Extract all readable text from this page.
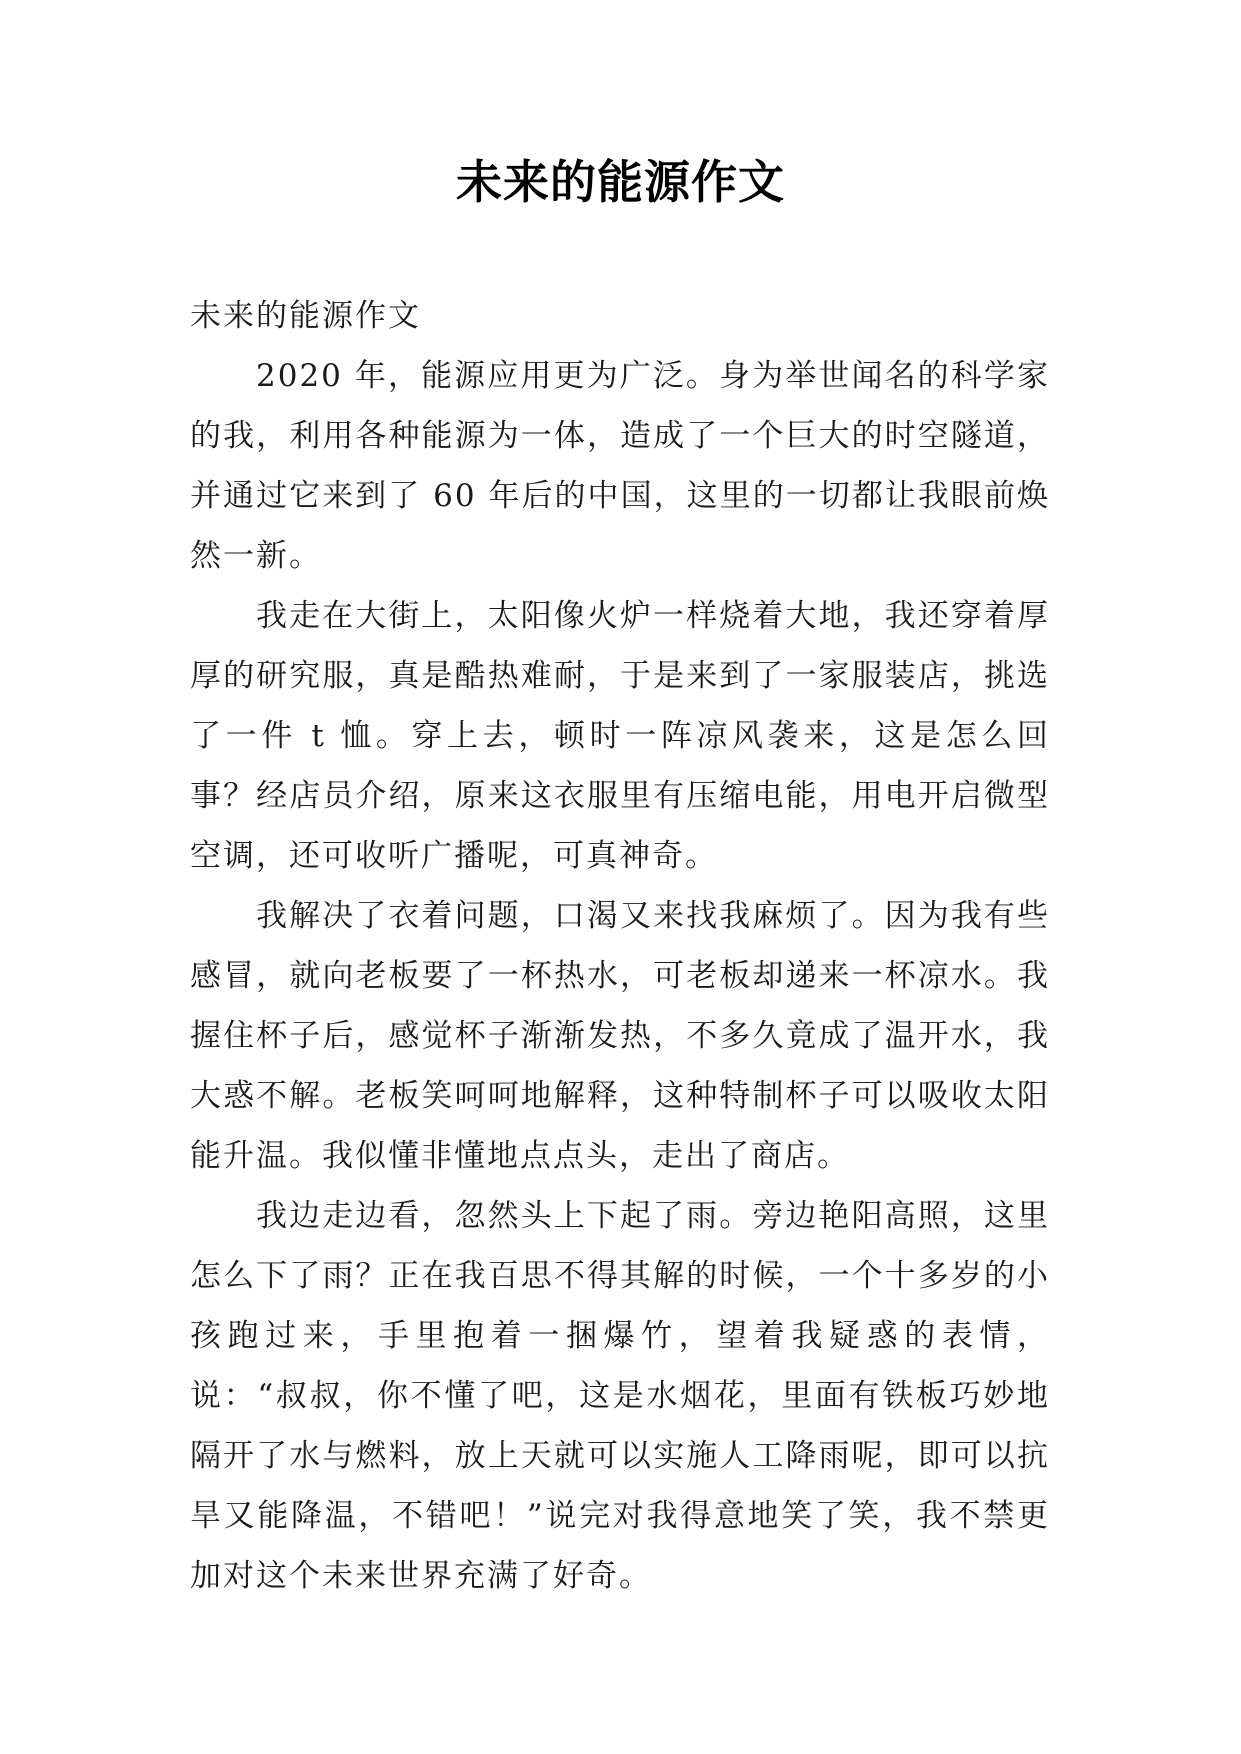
未来的能源作文

未来的能源作文

2020 年，能源应用更为广泛。身为举世闻名的科学家的我，利用各种能源为一体，造成了一个巨大的时空隧道，并通过它来到了 60 年后的中国，这里的一切都让我眼前焕然一新。

我走在大街上，太阳像火炉一样烧着大地，我还穿着厚厚的研究服，真是酷热难耐，于是来到了一家服装店，挑选了一件 t 恤。穿上去，顿时一阵凉风袭来，这是怎么回事？经店员介绍，原来这衣服里有压缩电能，用电开启微型空调，还可收听广播呢，可真神奇。

我解决了衣着问题，口渴又来找我麻烦了。因为我有些感冒，就向老板要了一杯热水，可老板却递来一杯凉水。我握住杯子后，感觉杯子渐渐发热，不多久竟成了温开水，我大惑不解。老板笑呵呵地解释，这种特制杯子可以吸收太阳能升温。我似懂非懂地点点头，走出了商店。

我边走边看，忽然头上下起了雨。旁边艳阳高照，这里怎么下了雨？正在我百思不得其解的时候，一个十多岁的小孩跑过来，手里抱着一捆爆竹，望着我疑惑的表情，说：“叔叔，你不懂了吧，这是水烟花，里面有铁板巧妙地隔开了水与燃料，放上天就可以实施人工降雨呢，即可以抗旱又能降温，不错吧！”说完对我得意地笑了笑，我不禁更加对这个未来世界充满了好奇。
